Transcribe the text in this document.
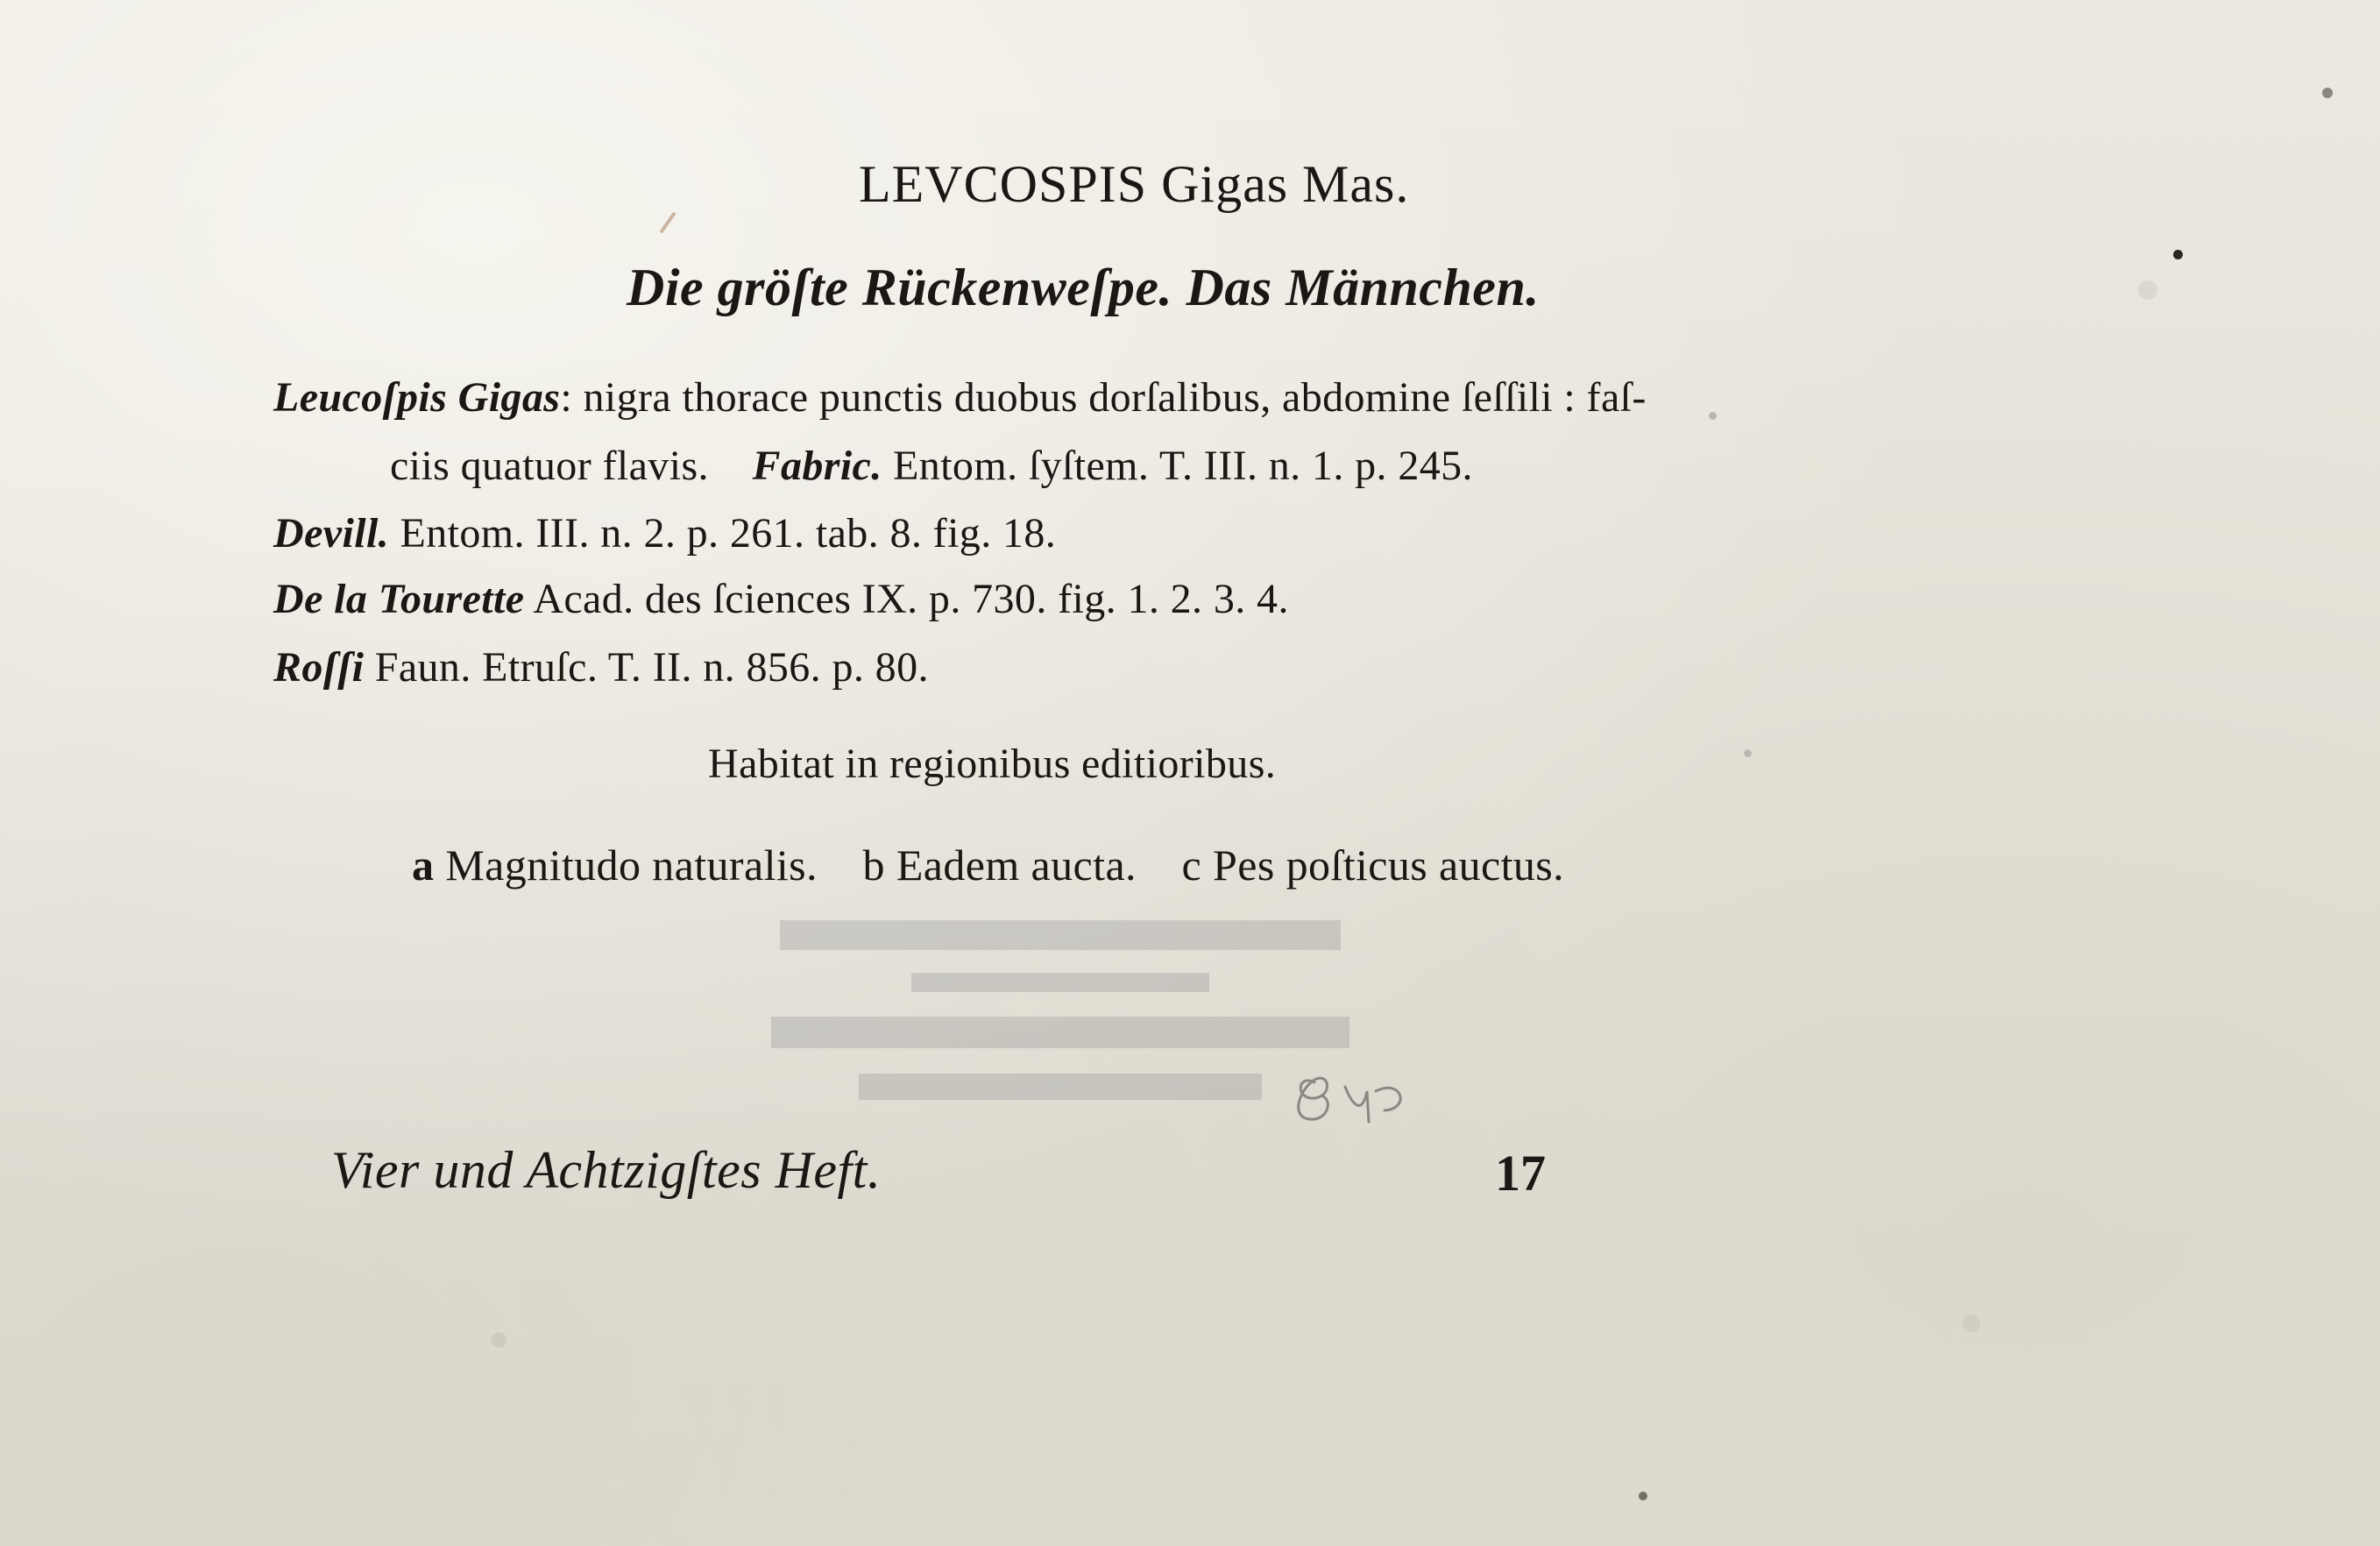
LEVCOSPIS Gigas Mas.
Die gröſte Rückenweſpe. Das Männchen.
Leucoſpis Gigas: nigra thorace punctis duobus dorſalibus, abdomine ſeſſili : faſ-
ciis quatuor flavis. Fabric. Entom. ſyſtem. T. III. n. 1. p. 245.
Devill. Entom. III. n. 2. p. 261. tab. 8. fig. 18.
De la Tourette Acad. des ſciences IX. p. 730. fig. 1. 2. 3. 4.
Roſſi Faun. Etruſc. T. II. n. 856. p. 80.
Habitat in regionibus editioribus.
a Magnitudo naturalis. b Eadem aucta. c Pes poſticus auctus.
Vier und Achtzigſtes Heft.	17
